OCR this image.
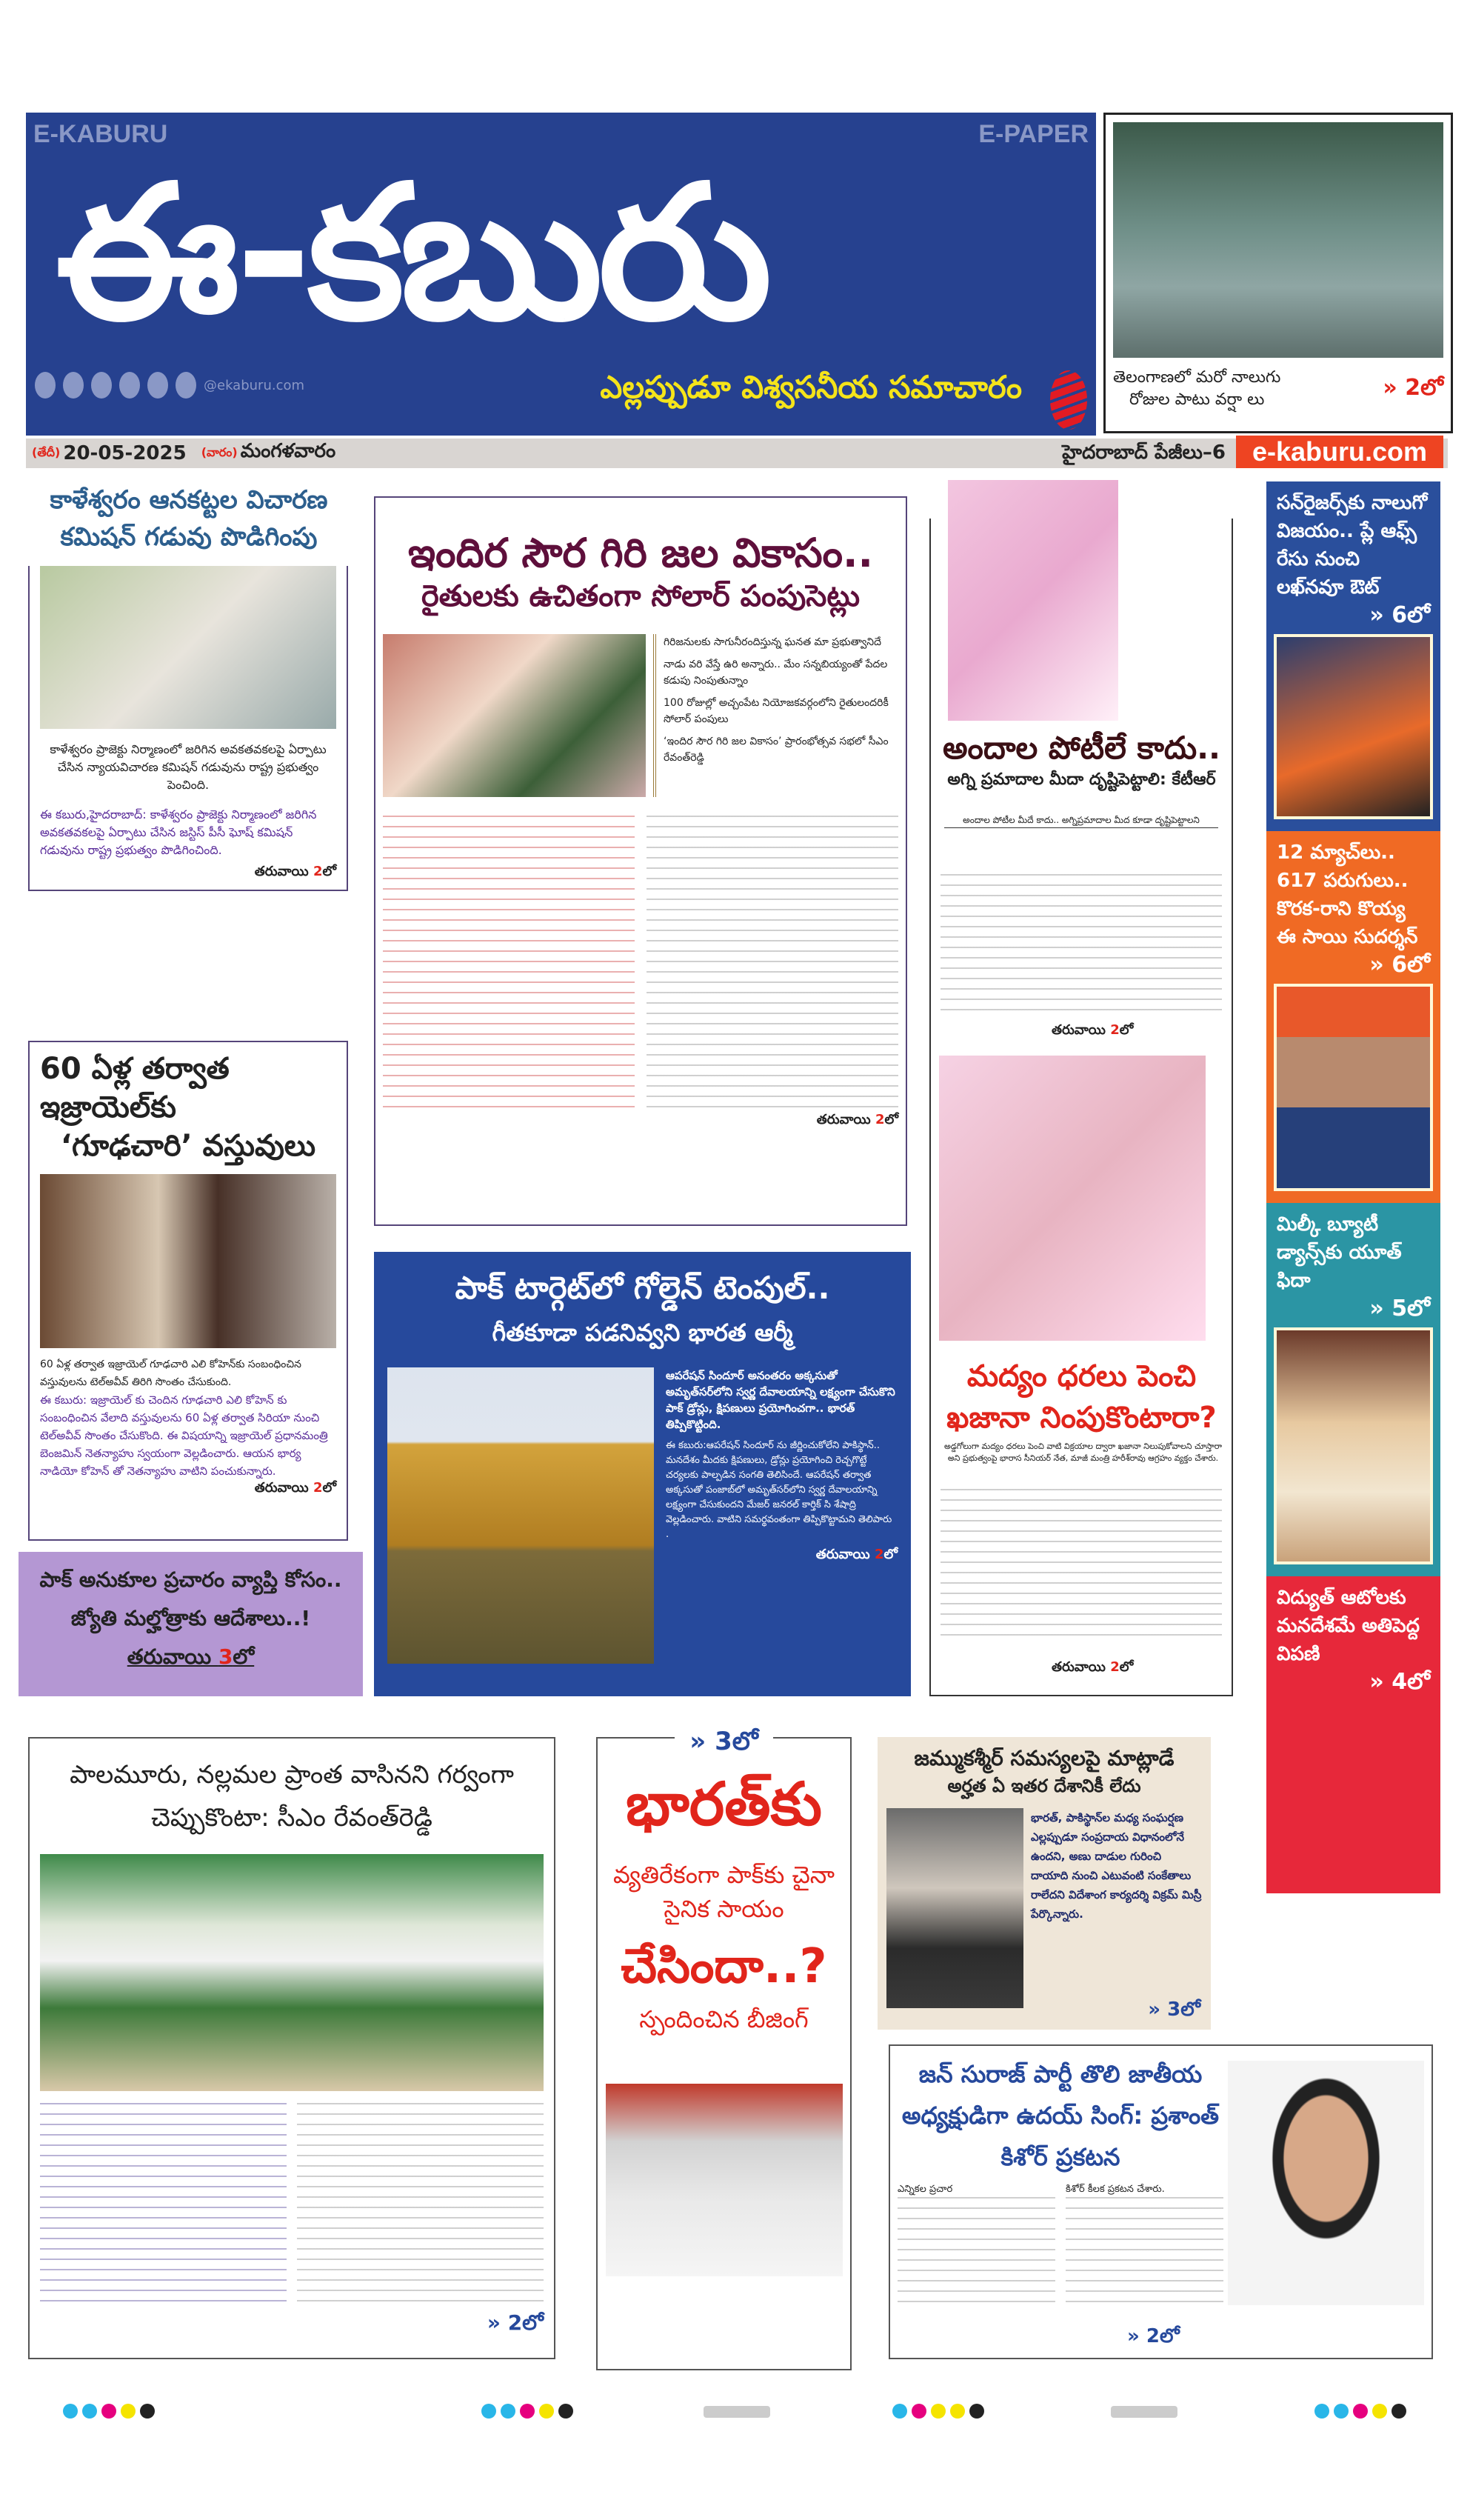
E-KABURU	E-PAPER
ఈ-కబురు
@ekaburu.com	ఎల్లప్పుడూ విశ్వసనీయ సమాచారం	తెలంగాణలో మరో నాలుగు
రోజుల పాటు వర్షా లు	» 2లో
(తేదీ) 20-05-2025 (వారం) మంగళవారం	హైదరాబాద్ పేజీలు–6 e-kaburu.com
కాళేశ్వరం ఆనకట్టల విచారణ కమిషన్ గడువు పొడిగింపు
కాళేశ్వరం ప్రాజెక్టు నిర్మాణంలో జరిగిన అవకతవకలపై ఏర్పాటు చేసిన న్యాయవిచారణ కమిషన్ గడువును రాష్ట్ర ప్రభుత్వం పెంచింది.
ఈ కబురు,హైదరాబాద్: కాళేశ్వరం ప్రాజెక్టు నిర్మాణంలో జరిగిన అవకతవకలపై ఏర్పాటు చేసిన జస్టిస్ పీసీ ఘోష్ కమిషన్ గడువును రాష్ట్ర ప్రభుత్వం పొడిగించింది.
తరువాయి 2లో
60 ఏళ్ల తర్వాత ఇజ్రాయెల్‌కు
‘గూఢచారి’ వస్తువులు
60 ఏళ్ల తర్వాత ఇజ్రాయెల్ గూఢచారి ఎలి కోహెన్‌కు సంబంధించిన వస్తువులను టెల్అవీవ్ తిరిగి సొంతం చేసుకుంది.
ఈ కబురు: ఇజ్రాయెల్ కు చెందిన గూఢచారి ఎలి కోహెన్ కు సంబంధించిన వేలాది వస్తువులను 60 ఏళ్ల తర్వాత సిరియా నుంచి టెల్అవీవ్ సొంతం చేసుకొంది. ఈ విషయాన్ని ఇజ్రాయెల్ ప్రధానమంత్రి బెంజమిన్ నెతన్యాహు స్వయంగా వెల్లడించారు. ఆయన భార్య నాడియో కోహెన్ తో నెతన్యాహు వాటిని పంచుకున్నారు.
తరువాయి 2లో
పాక్ అనుకూల ప్రచారం వ్యాప్తి కోసం..
జ్యోతి మల్హోత్రాకు ఆదేశాలు..!
తరువాయి 3లో
ఇందిర సౌర గిరి జల వికాసం..
రైతులకు ఉచితంగా సోలార్ పంపుసెట్లు
గిరిజనులకు సాగునీరందిస్తున్న ఘనత మా ప్రభుత్వానిదే
నాడు వరి వేస్తే ఉరి అన్నారు.. మేం సన్నబియ్యంతో పేదల కడుపు నింపుతున్నాం
100 రోజుల్లో అచ్చంపేట నియోజకవర్గంలోని రైతులందరికీ సోలార్ పంపులు
‘ఇందిర సౌర గిరి జల వికాసం’ ప్రారంభోత్సవ సభలో సీఎం రేవంత్‌రెడ్డి
తరువాయి 2లో
పాక్ టార్గెట్‌లో గోల్డెన్ టెంపుల్..
గీతకూడా పడనివ్వని భారత ఆర్మీ
ఆపరేషన్ సిందూర్ అనంతరం అక్కసుతో అమృత్‌సర్‌లోని స్వర్ణ దేవాలయాన్ని లక్ష్యంగా చేసుకొని పాక్ డ్రోన్లు, క్షిపణులు ప్రయోగించగా.. భారత్ తిప్పికొట్టింది.
ఈ కబురు:ఆపరేషన్ సిందూర్ ను జీర్ణించుకోలేని పాకిస్థాన్.. మనదేశం మీదకు క్షిపణులు, డ్రోన్లు ప్రయోగించి రెచ్చగొట్టే చర్యలకు పాల్పడిన సంగతి తెలిసిందే. ఆపరేషన్ తర్వాత అక్కసుతో పంజాబ్‌లో అమృత్‌సర్‌లోని స్వర్ణ దేవాలయాన్ని లక్ష్యంగా చేసుకుందని మేజర్ జనరల్ కార్తిక్ సి శేషాద్రి వెల్లడించారు. వాటిని సమర్థవంతంగా తిప్పికొట్టామని తెలిపారు .
తరువాయి 2లో
అందాల పోటీలే కాదు..
అగ్ని ప్రమాదాల మీదా దృష్టిపెట్టాలి: కేటీఆర్
అందాల పోటీల మీదే కాదు.. అగ్నిప్రమాదాల మీద కూడా దృష్టిపెట్టాలని
తరువాయి 2లో
మద్యం ధరలు పెంచి
ఖజానా నింపుకొంటారా?
అడ్డగోలుగా మద్యం ధరలు పెంచి వాటి విక్రయాల ద్వారా ఖజానా నిలుపుకోవాలని చూస్తారా అని ప్రభుత్వంపై భారాస సీనియర్ నేత, మాజీ మంత్రి హరీశ్‌రావు ఆగ్రహం వ్యక్తం చేశారు.
తరువాయి 2లో
సన్‌రైజర్స్‌కు నాలుగో విజయం.. ప్లే ఆఫ్స్ రేసు నుంచి లఖ్‌నవూ ఔట్
» 6లో
12 మ్యాచ్‌లు.. 617 పరుగులు.. కొరక-రాని కొయ్య ఈ సాయి సుదర్శన్
» 6లో
మిల్కీ బ్యూటీ డ్యాన్స్‌కు యూత్ ఫిదా
» 5లో
విద్యుత్ ఆటోలకు మనదేశమే అతిపెద్ద విపణి
» 4లో
పాలమూరు, నల్లమల ప్రాంత వాసినని గర్వంగా చెప్పుకొంటా: సీఎం రేవంత్‌రెడ్డి
» 2లో
» 3లో
భారత్‌కు
వ్యతిరేకంగా పాక్‌కు చైనా
సైనిక సాయం
చేసిందా..?
స్పందించిన బీజింగ్
జమ్ముకశ్మీర్ సమస్యలపై మాట్లాడే
అర్హత ఏ ఇతర దేశానికీ లేదు
భారత్, పాకిస్థాన్‌ల మధ్య సంఘర్షణ ఎల్లప్పుడూ సంప్రదాయ విధానంలోనే ఉందని, అణు దాడుల గురించి దాయాది నుంచి ఎటువంటి సంకేతాలు రాలేదని విదేశాంగ కార్యదర్శి విక్రమ్ మిస్రీ పేర్కొన్నారు.
» 3లో
జన్ సురాజ్ పార్టీ తొలి జాతీయ అధ్యక్షుడిగా ఉదయ్ సింగ్: ప్రశాంత్ కిశోర్ ప్రకటన
ఎన్నికల ప్రచార	కిశోర్ కీలక ప్రకటన చేశారు.
» 2లో
